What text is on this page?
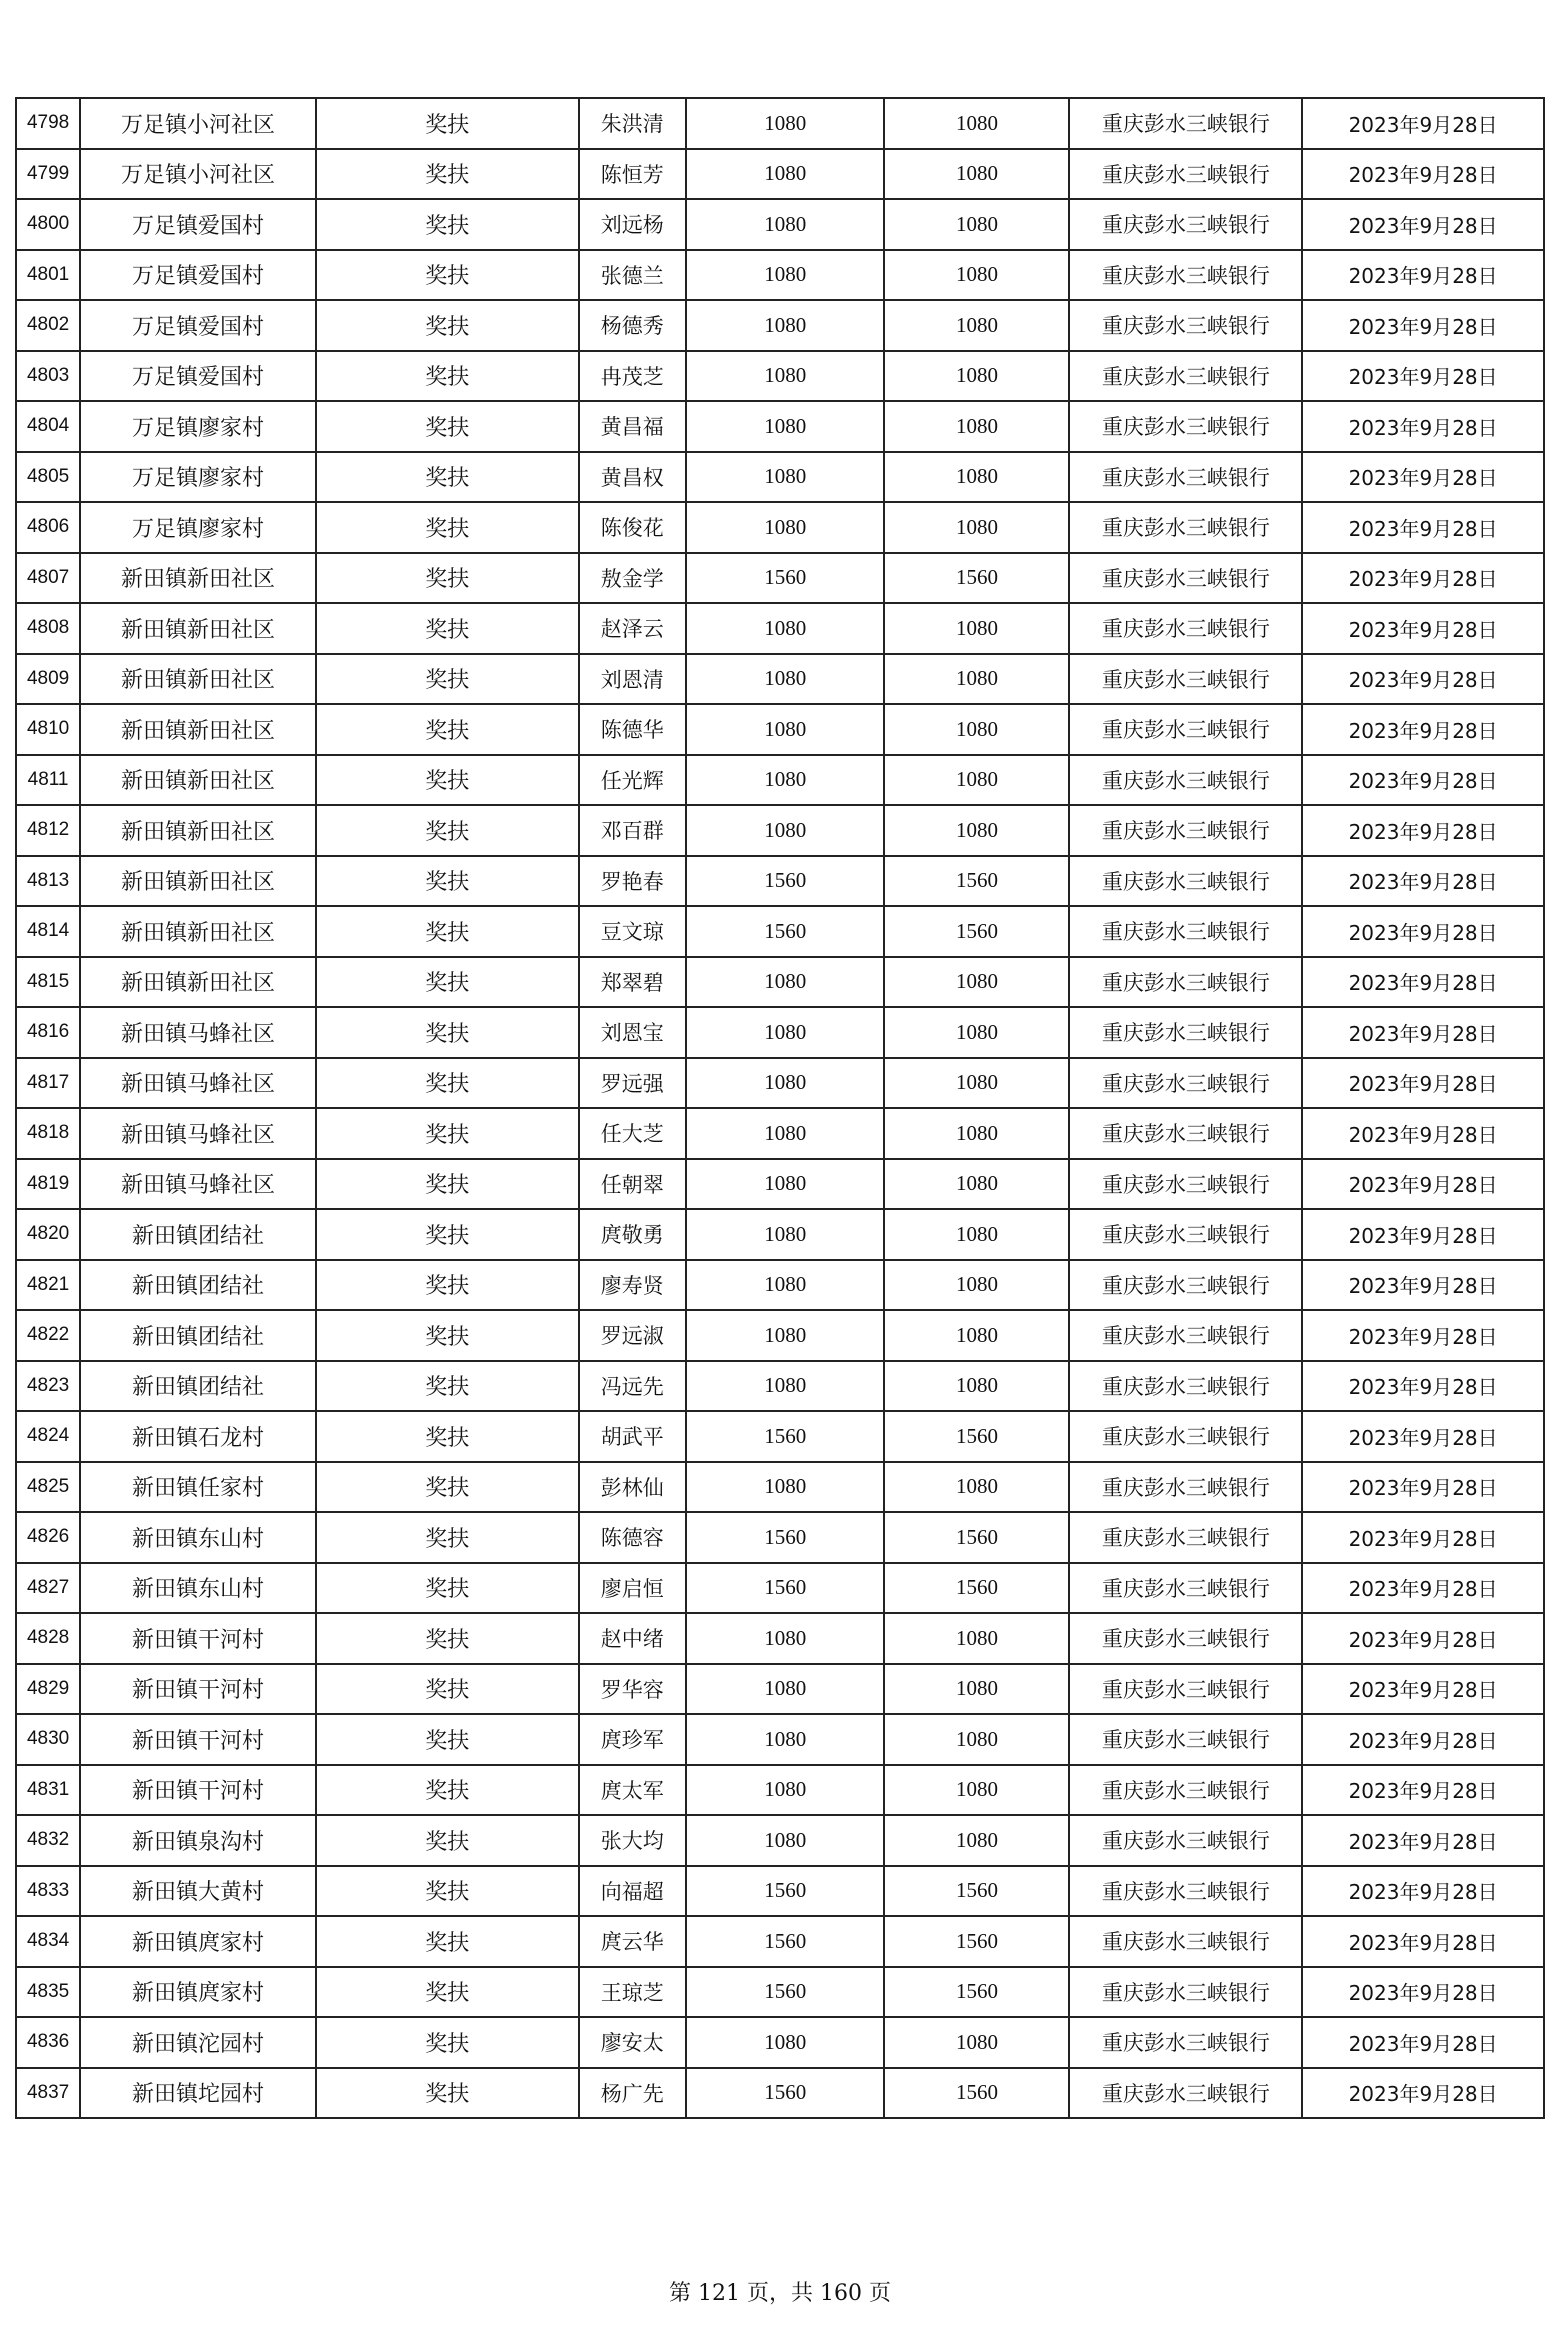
4798	万足镇小河社区	奖扶	朱洪清	1080	1080	重庆彭水三峡银行	2023年9月28日
4799	万足镇小河社区	奖扶	陈恒芳	1080	1080	重庆彭水三峡银行	2023年9月28日
4800	万足镇爱国村	奖扶	刘远杨	1080	1080	重庆彭水三峡银行	2023年9月28日
4801	万足镇爱国村	奖扶	张德兰	1080	1080	重庆彭水三峡银行	2023年9月28日
4802	万足镇爱国村	奖扶	杨德秀	1080	1080	重庆彭水三峡银行	2023年9月28日
4803	万足镇爱国村	奖扶	冉茂芝	1080	1080	重庆彭水三峡银行	2023年9月28日
4804	万足镇廖家村	奖扶	黄昌福	1080	1080	重庆彭水三峡银行	2023年9月28日
4805	万足镇廖家村	奖扶	黄昌权	1080	1080	重庆彭水三峡银行	2023年9月28日
4806	万足镇廖家村	奖扶	陈俊花	1080	1080	重庆彭水三峡银行	2023年9月28日
4807	新田镇新田社区	奖扶	敖金学	1560	1560	重庆彭水三峡银行	2023年9月28日
4808	新田镇新田社区	奖扶	赵泽云	1080	1080	重庆彭水三峡银行	2023年9月28日
4809	新田镇新田社区	奖扶	刘恩清	1080	1080	重庆彭水三峡银行	2023年9月28日
4810	新田镇新田社区	奖扶	陈德华	1080	1080	重庆彭水三峡银行	2023年9月28日
4811	新田镇新田社区	奖扶	任光辉	1080	1080	重庆彭水三峡银行	2023年9月28日
4812	新田镇新田社区	奖扶	邓百群	1080	1080	重庆彭水三峡银行	2023年9月28日
4813	新田镇新田社区	奖扶	罗艳春	1560	1560	重庆彭水三峡银行	2023年9月28日
4814	新田镇新田社区	奖扶	豆文琼	1560	1560	重庆彭水三峡银行	2023年9月28日
4815	新田镇新田社区	奖扶	郑翠碧	1080	1080	重庆彭水三峡银行	2023年9月28日
4816	新田镇马蜂社区	奖扶	刘恩宝	1080	1080	重庆彭水三峡银行	2023年9月28日
4817	新田镇马蜂社区	奖扶	罗远强	1080	1080	重庆彭水三峡银行	2023年9月28日
4818	新田镇马蜂社区	奖扶	任大芝	1080	1080	重庆彭水三峡银行	2023年9月28日
4819	新田镇马蜂社区	奖扶	任朝翠	1080	1080	重庆彭水三峡银行	2023年9月28日
4820	新田镇团结社	奖扶	庹敬勇	1080	1080	重庆彭水三峡银行	2023年9月28日
4821	新田镇团结社	奖扶	廖寿贤	1080	1080	重庆彭水三峡银行	2023年9月28日
4822	新田镇团结社	奖扶	罗远淑	1080	1080	重庆彭水三峡银行	2023年9月28日
4823	新田镇团结社	奖扶	冯远先	1080	1080	重庆彭水三峡银行	2023年9月28日
4824	新田镇石龙村	奖扶	胡武平	1560	1560	重庆彭水三峡银行	2023年9月28日
4825	新田镇任家村	奖扶	彭林仙	1080	1080	重庆彭水三峡银行	2023年9月28日
4826	新田镇东山村	奖扶	陈德容	1560	1560	重庆彭水三峡银行	2023年9月28日
4827	新田镇东山村	奖扶	廖启恒	1560	1560	重庆彭水三峡银行	2023年9月28日
4828	新田镇干河村	奖扶	赵中绪	1080	1080	重庆彭水三峡银行	2023年9月28日
4829	新田镇干河村	奖扶	罗华容	1080	1080	重庆彭水三峡银行	2023年9月28日
4830	新田镇干河村	奖扶	庹珍军	1080	1080	重庆彭水三峡银行	2023年9月28日
4831	新田镇干河村	奖扶	庹太军	1080	1080	重庆彭水三峡银行	2023年9月28日
4832	新田镇泉沟村	奖扶	张大均	1080	1080	重庆彭水三峡银行	2023年9月28日
4833	新田镇大黄村	奖扶	向福超	1560	1560	重庆彭水三峡银行	2023年9月28日
4834	新田镇庹家村	奖扶	庹云华	1560	1560	重庆彭水三峡银行	2023年9月28日
4835	新田镇庹家村	奖扶	王琼芝	1560	1560	重庆彭水三峡银行	2023年9月28日
4836	新田镇沱园村	奖扶	廖安太	1080	1080	重庆彭水三峡银行	2023年9月28日
4837	新田镇坨园村	奖扶	杨广先	1560	1560	重庆彭水三峡银行	2023年9月28日
第 121 页，共 160 页
